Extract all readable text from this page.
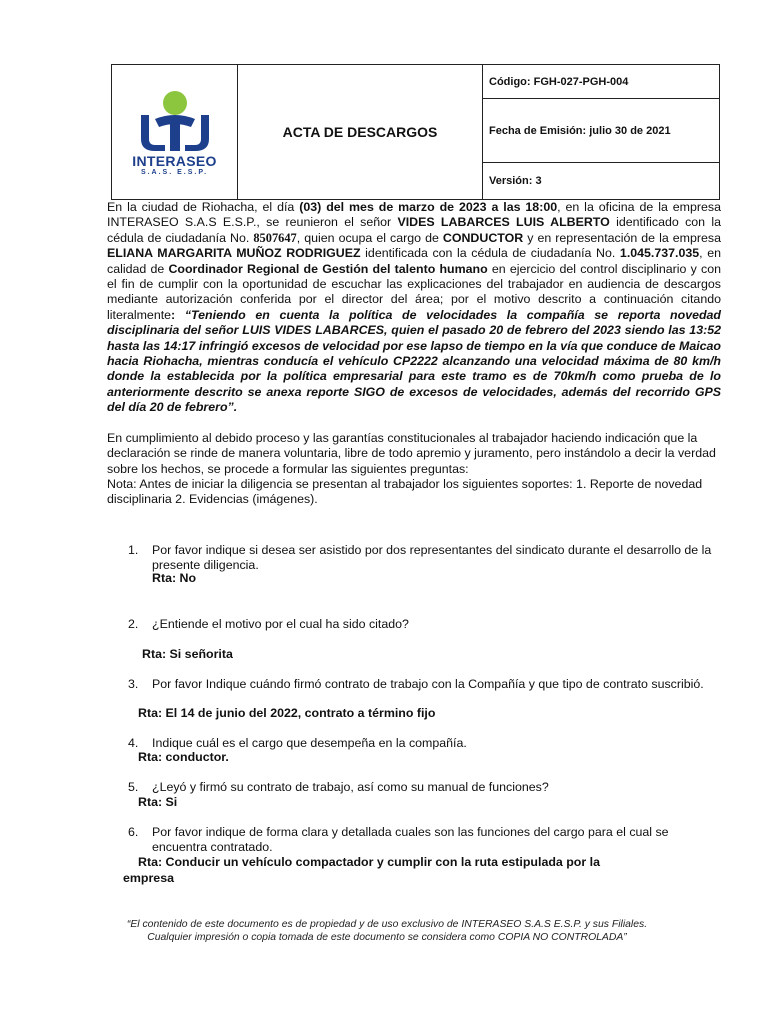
INTERASEO
S.A.S. E.S.P.
ACTA DE DESCARGOS
Código: FGH-027-PGH-004
Fecha de Emisión: julio 30 de 2021
Versión: 3

En la ciudad de Riohacha, el día (03) del mes de marzo de 2023 a las 18:00, en la oficina de la empresa INTERASEO S.A.S E.S.P., se reunieron el señor VIDES LABARCES LUIS ALBERTO identificado con la cédula de ciudadanía No. 8507647, quien ocupa el cargo de CONDUCTOR y en representación de la empresa ELIANA MARGARITA MUÑOZ RODRIGUEZ identificada con la cédula de ciudadanía No. 1.045.737.035, en calidad de Coordinador Regional de Gestión del talento humano en ejercicio del control disciplinario y con el fin de cumplir con la oportunidad de escuchar las explicaciones del trabajador en audiencia de descargos mediante autorización conferida por el director del área; por el motivo descrito a continuación citando literalmente: “Teniendo en cuenta la política de velocidades la compañía se reporta novedad disciplinaria del señor LUIS VIDES LABARCES, quien el pasado 20 de febrero del 2023 siendo las 13:52 hasta las 14:17 infringió excesos de velocidad por ese lapso de tiempo en la vía que conduce de Maicao hacia Riohacha, mientras conducía el vehículo CP2222 alcanzando una velocidad máxima de 80 km/h donde la establecida por la política empresarial para este tramo es de 70km/h como prueba de lo anteriormente descrito se anexa reporte SIGO de excesos de velocidades, además del recorrido GPS del día 20 de febrero”.

En cumplimiento al debido proceso y las garantías constitucionales al trabajador haciendo indicación que la declaración se rinde de manera voluntaria, libre de todo apremio y juramento, pero instándolo a decir la verdad sobre los hechos, se procede a formular las siguientes preguntas:

Nota: Antes de iniciar la diligencia se presentan al trabajador los siguientes soportes: 1. Reporte de novedad disciplinaria 2. Evidencias (imágenes).

1. Por favor indique si desea ser asistido por dos representantes del sindicato durante el desarrollo de la presente diligencia.
Rta: No
2. ¿Entiende el motivo por el cual ha sido citado?
Rta: Si señorita
3. Por favor Indique cuándo firmó contrato de trabajo con la Compañía y que tipo de contrato suscribió.
Rta: El 14 de junio del 2022, contrato a término fijo
4. Indique cuál es el cargo que desempeña en la compañía.
Rta: conductor.
5. ¿Leyó y firmó su contrato de trabajo, así como su manual de funciones?
Rta: Si
6. Por favor indique de forma clara y detallada cuales son las funciones del cargo para el cual se encuentra contratado.
Rta: Conducir un vehículo compactador y cumplir con la ruta estipulada por la empresa
“El contenido de este documento es de propiedad y de uso exclusivo de INTERASEO S.A.S E.S.P. y sus Filiales. Cualquier impresión o copia tomada de este documento se considera como COPIA NO CONTROLADA”
